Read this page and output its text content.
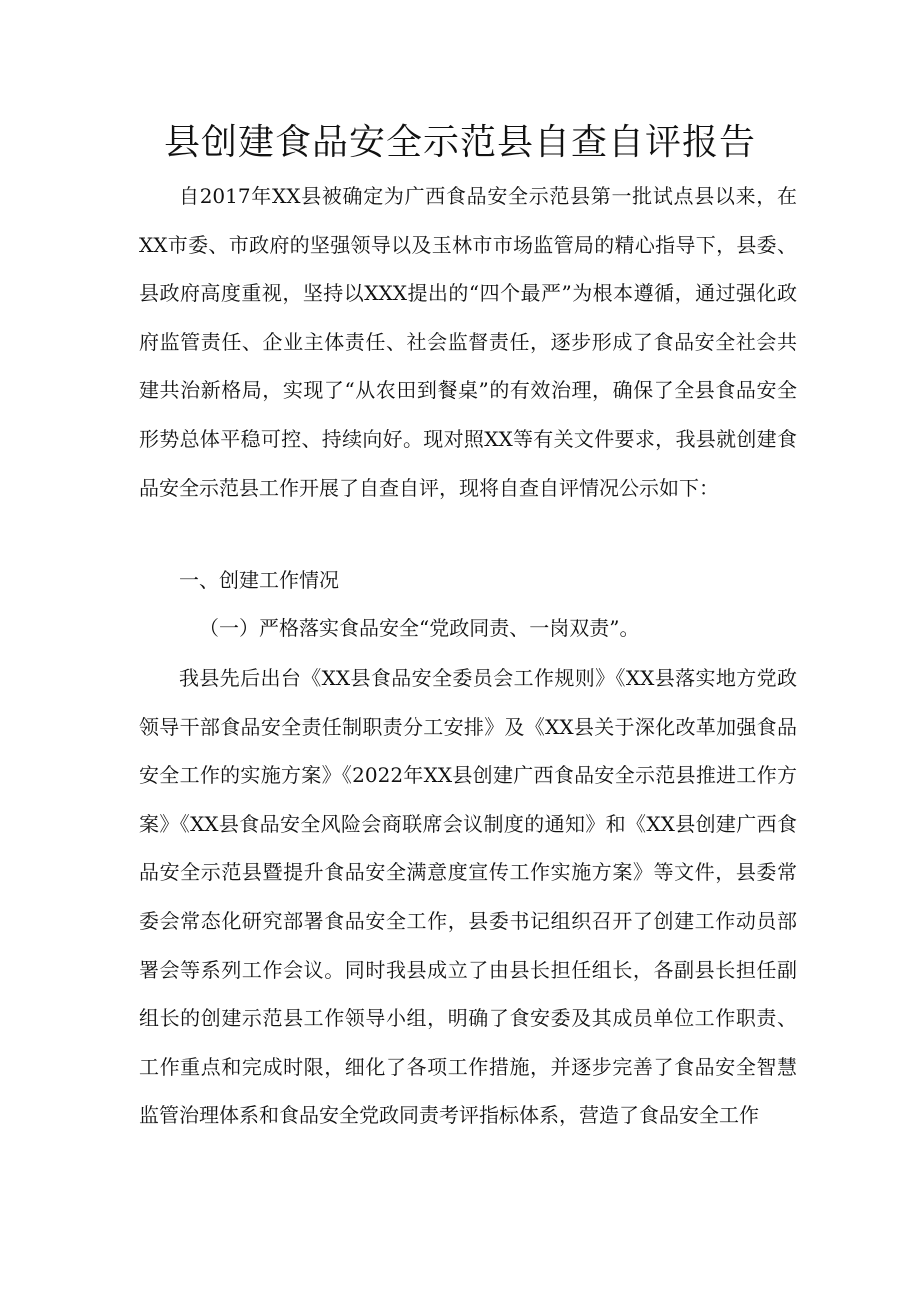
县创建食品安全示范县自查自评报告

自2017年XX县被确定为广西食品安全示范县第一批试点县以来，在XX市委、市政府的坚强领导以及玉林市市场监管局的精心指导下，县委、县政府高度重视，坚持以XXX提出的“四个最严”为根本遵循，通过强化政府监管责任、企业主体责任、社会监督责任，逐步形成了食品安全社会共建共治新格局，实现了“从农田到餐桌”的有效治理，确保了全县食品安全形势总体平稳可控、持续向好。现对照XX等有关文件要求，我县就创建食品安全示范县工作开展了自查自评，现将自查自评情况公示如下：

一、创建工作情况

（一）严格落实食品安全“党政同责、一岗双责”。

我县先后出台《XX县食品安全委员会工作规则》《XX县落实地方党政领导干部食品安全责任制职责分工安排》及《XX县关于深化改革加强食品安全工作的实施方案》《2022年XX县创建广西食品安全示范县推进工作方案》《XX县食品安全风险会商联席会议制度的通知》和《XX县创建广西食品安全示范县暨提升食品安全满意度宣传工作实施方案》等文件，县委常委会常态化研究部署食品安全工作，县委书记组织召开了创建工作动员部署会等系列工作会议。同时我县成立了由县长担任组长，各副县长担任副组长的创建示范县工作领导小组，明确了食安委及其成员单位工作职责、工作重点和完成时限，细化了各项工作措施，并逐步完善了食品安全智慧监管治理体系和食品安全党政同责考评指标体系，营造了食品安全工作
